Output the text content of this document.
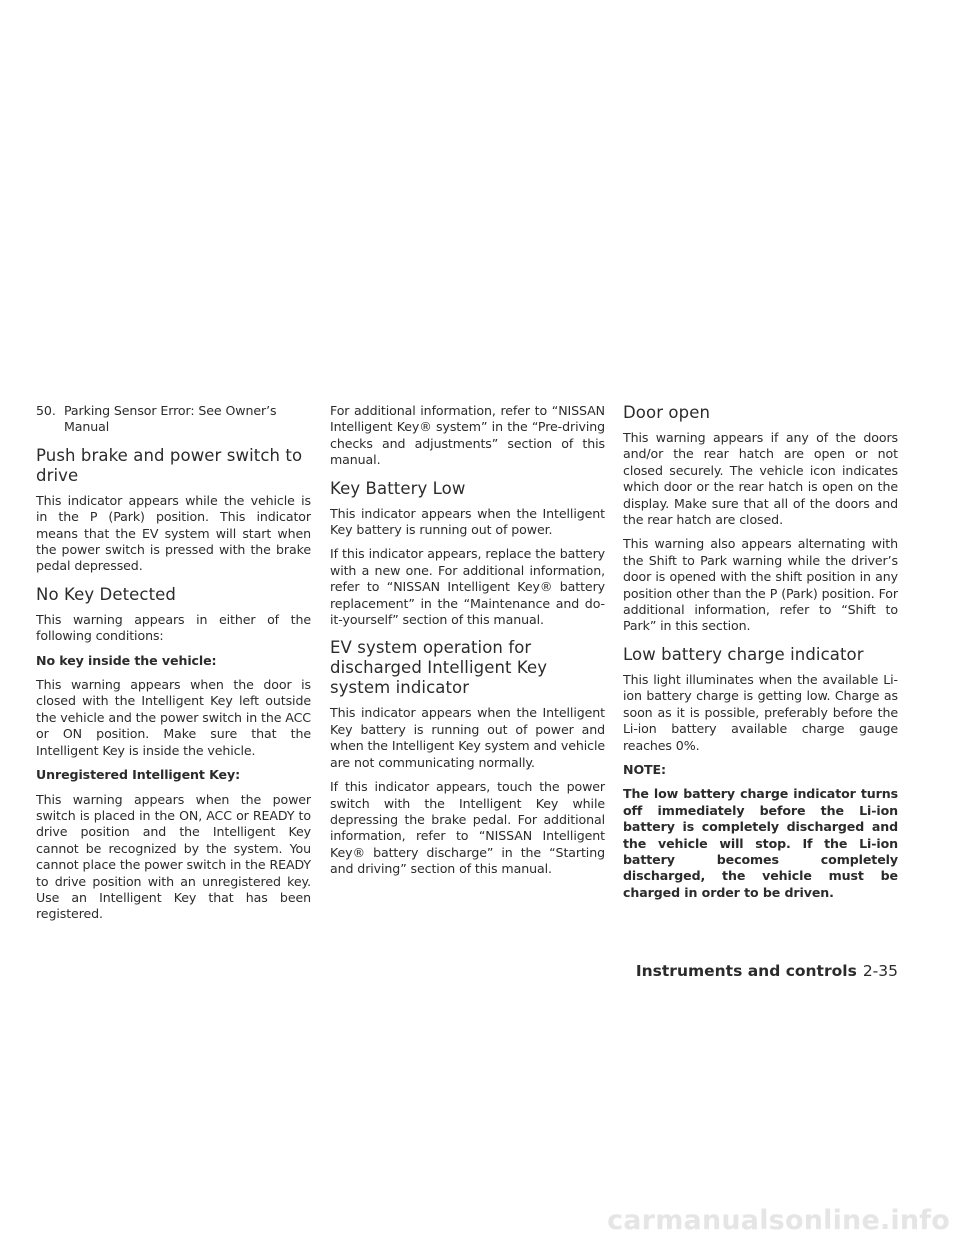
50. Parking Sensor Error: See Owner’s Manual
Push brake and power switch to drive

This indicator appears while the vehicle is in the P (Park) position. This indicator means that the EV system will start when the power switch is pressed with the brake pedal depressed.

No Key Detected

This warning appears in either of the following conditions:

No key inside the vehicle:

This warning appears when the door is closed with the Intelligent Key left outside the vehicle and the power switch in the ACC or ON position. Make sure that the Intelligent Key is inside the vehicle.

Unregistered Intelligent Key:

This warning appears when the power switch is placed in the ON, ACC or READY to drive position and the Intelligent Key cannot be recognized by the system. You cannot place the power switch in the READY to drive position with an unregistered key. Use an Intelligent Key that has been registered.

For additional information, refer to “NISSAN Intelligent Key® system” in the “Pre-driving checks and adjustments” section of this manual.

Key Battery Low

This indicator appears when the Intelligent Key battery is running out of power.

If this indicator appears, replace the battery with a new one. For additional information, refer to “NISSAN Intelligent Key® battery replacement” in the “Maintenance and do-it-yourself” section of this manual.

EV system operation for discharged Intelligent Key system indicator

This indicator appears when the Intelligent Key battery is running out of power and when the Intelligent Key system and vehicle are not communicating normally.

If this indicator appears, touch the power switch with the Intelligent Key while depressing the brake pedal. For additional information, refer to “NISSAN Intelligent Key® battery discharge” in the “Starting and driving” section of this manual.

Door open

This warning appears if any of the doors and/or the rear hatch are open or not closed securely. The vehicle icon indicates which door or the rear hatch is open on the display. Make sure that all of the doors and the rear hatch are closed.

This warning also appears alternating with the Shift to Park warning while the driver’s door is opened with the shift position in any position other than the P (Park) position. For additional information, refer to “Shift to Park” in this section.

Low battery charge indicator

This light illuminates when the available Li-ion battery charge is getting low. Charge as soon as it is possible, preferably before the Li-ion battery available charge gauge reaches 0%.

NOTE:

The low battery charge indicator turns off immediately before the Li-ion battery is completely discharged and the vehicle will stop. If the Li-ion battery becomes completely discharged, the vehicle must be charged in order to be driven.

Instruments and controls 2-35
carmanualsonline.info
